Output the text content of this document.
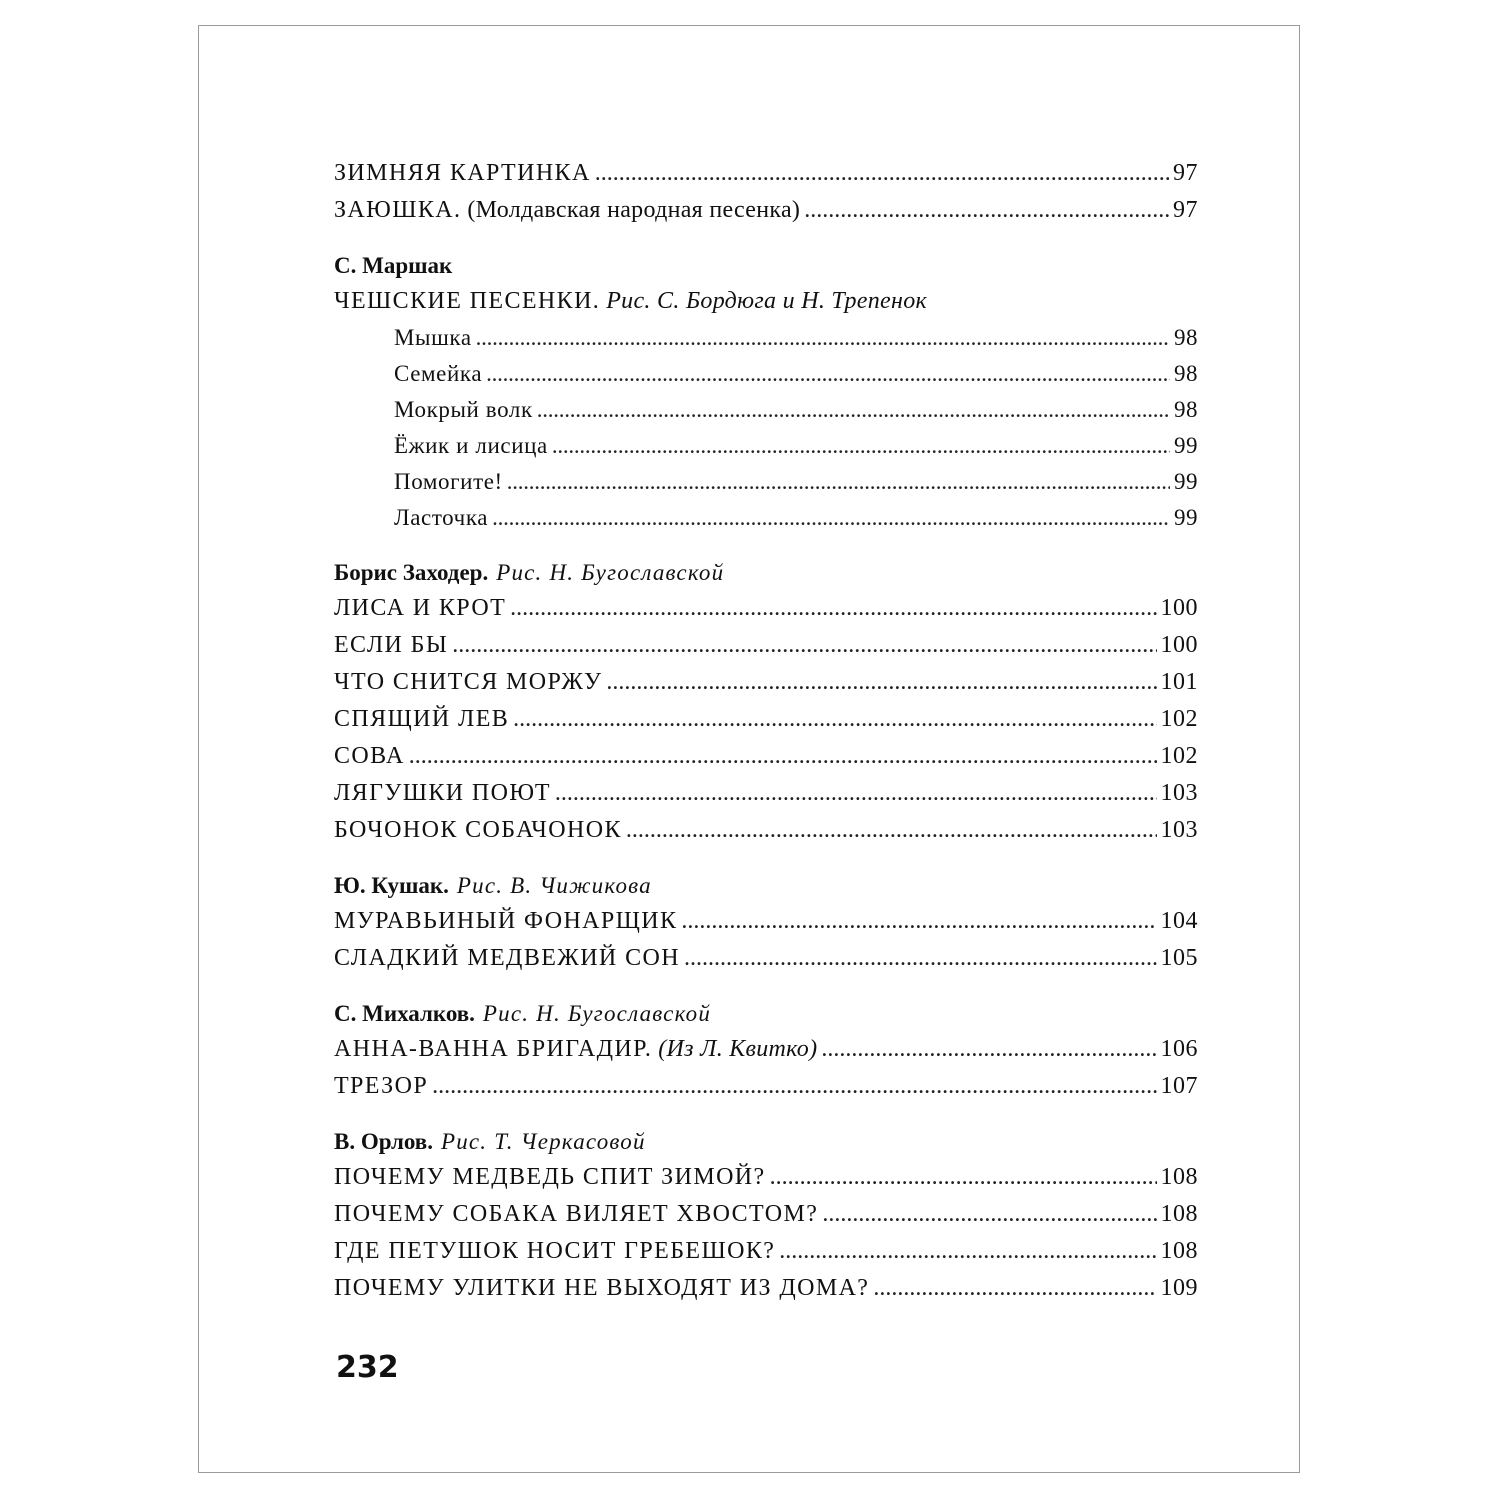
ЗИМНЯЯ КАРТИНКА . . .	97
ЗАЮШКА. (Молдавская народная песенка) . . .	97
С. Маршак
ЧЕШСКИЕ ПЕСЕНКИ. Рис. С. Бордюга и Н. Трепенок
Мышка . . .	98
Семейка . . .	98
Мокрый волк . . .	98
Ёжик и лисица . . .	99
Помогите! . . .	99
Ласточка . . .	99
Борис Заходер. Рис. Н. Бугославской
ЛИСА И КРОТ . . .	100
ЕСЛИ БЫ . . .	100
ЧТО СНИТСЯ МОРЖУ . . .	101
СПЯЩИЙ ЛЕВ . . .	102
СОВА . . .	102
ЛЯГУШКИ ПОЮТ . . .	103
БОЧОНОК СОБАЧОНОК . . .	103
Ю. Кушак. Рис. В. Чижикова
МУРАВЬИНЫЙ ФОНАРЩИК . . .	104
СЛАДКИЙ МЕДВЕЖИЙ СОН . . .	105
С. Михалков. Рис. Н. Бугославской
АННА-ВАННА БРИГАДИР. (Из Л. Квитко) . . .	106
ТРЕЗОР . . .	107
В. Орлов. Рис. Т. Черкасовой
ПОЧЕМУ МЕДВЕДЬ СПИТ ЗИМОЙ? . . .	108
ПОЧЕМУ СОБАКА ВИЛЯЕТ ХВОСТОМ? . . .	108
ГДЕ ПЕТУШОК НОСИТ ГРЕБЕШОК? . . .	108
ПОЧЕМУ УЛИТКИ НЕ ВЫХОДЯТ ИЗ ДОМА? . . .	109
232
